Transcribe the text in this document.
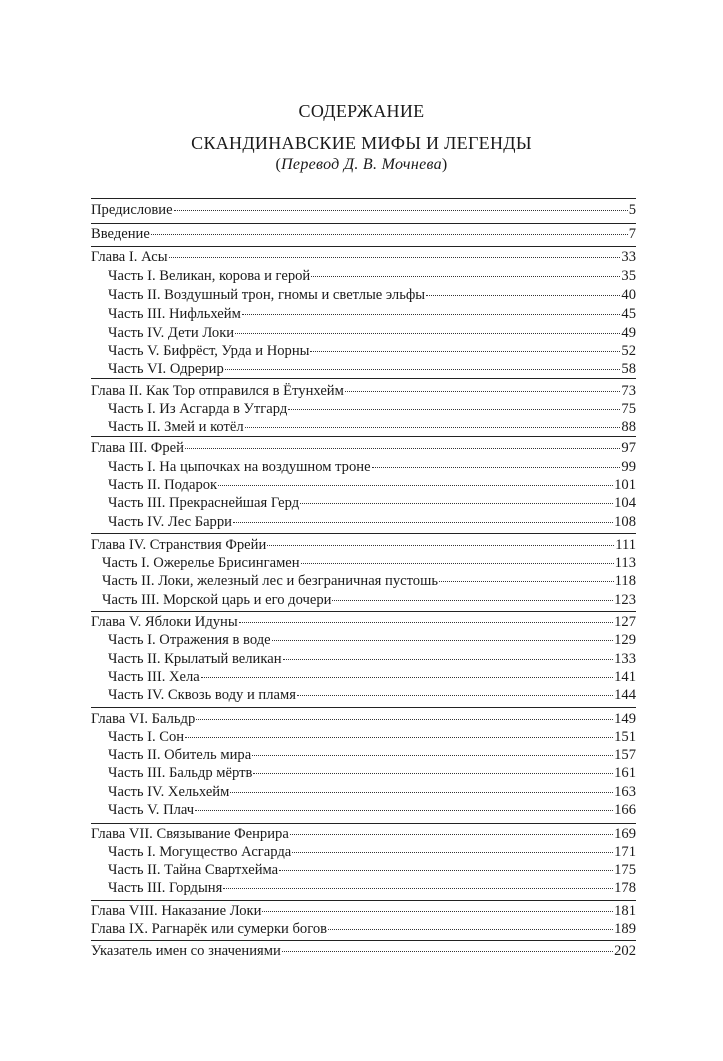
СОДЕРЖАНИЕ
СКАНДИНАВСКИЕ МИФЫ И ЛЕГЕНДЫ
(Перевод Д. В. Мочнева)
Предисловие	5
Введение	7
Глава I. Асы	33
Часть I. Великан, корова и герой	35
Часть II. Воздушный трон, гномы и светлые эльфы	40
Часть III. Нифльхейм	45
Часть IV. Дети Локи	49
Часть V. Бифрёст, Урда и Норны	52
Часть VI. Одрерир	58
Глава II. Как Тор отправился в Ётунхейм	73
Часть I. Из Асгарда в Утгард	75
Часть II. Змей и котёл	88
Глава III. Фрей	97
Часть I. На цыпочках на воздушном троне	99
Часть II. Подарок	101
Часть III. Прекраснейшая Герд	104
Часть IV. Лес Барри	108
Глава IV. Странствия Фрейи	111
Часть I. Ожерелье Брисингамен	113
Часть II. Локи, железный лес и безграничная пустошь	118
Часть III. Морской царь и его дочери	123
Глава V. Яблоки Идуны	127
Часть I. Отражения в воде	129
Часть II. Крылатый великан	133
Часть III. Хела	141
Часть IV. Сквозь воду и пламя	144
Глава VI. Бальдр	149
Часть I. Сон	151
Часть II. Обитель мира	157
Часть III. Бальдр мёртв	161
Часть IV. Хельхейм	163
Часть V. Плач	166
Глава VII. Связывание Фенрира	169
Часть I. Могущество Асгарда	171
Часть II. Тайна Свартхейма	175
Часть III. Гордыня	178
Глава VIII. Наказание Локи	181
Глава IX. Рагнарёк или сумерки богов	189
Указатель имен со значениями	202
